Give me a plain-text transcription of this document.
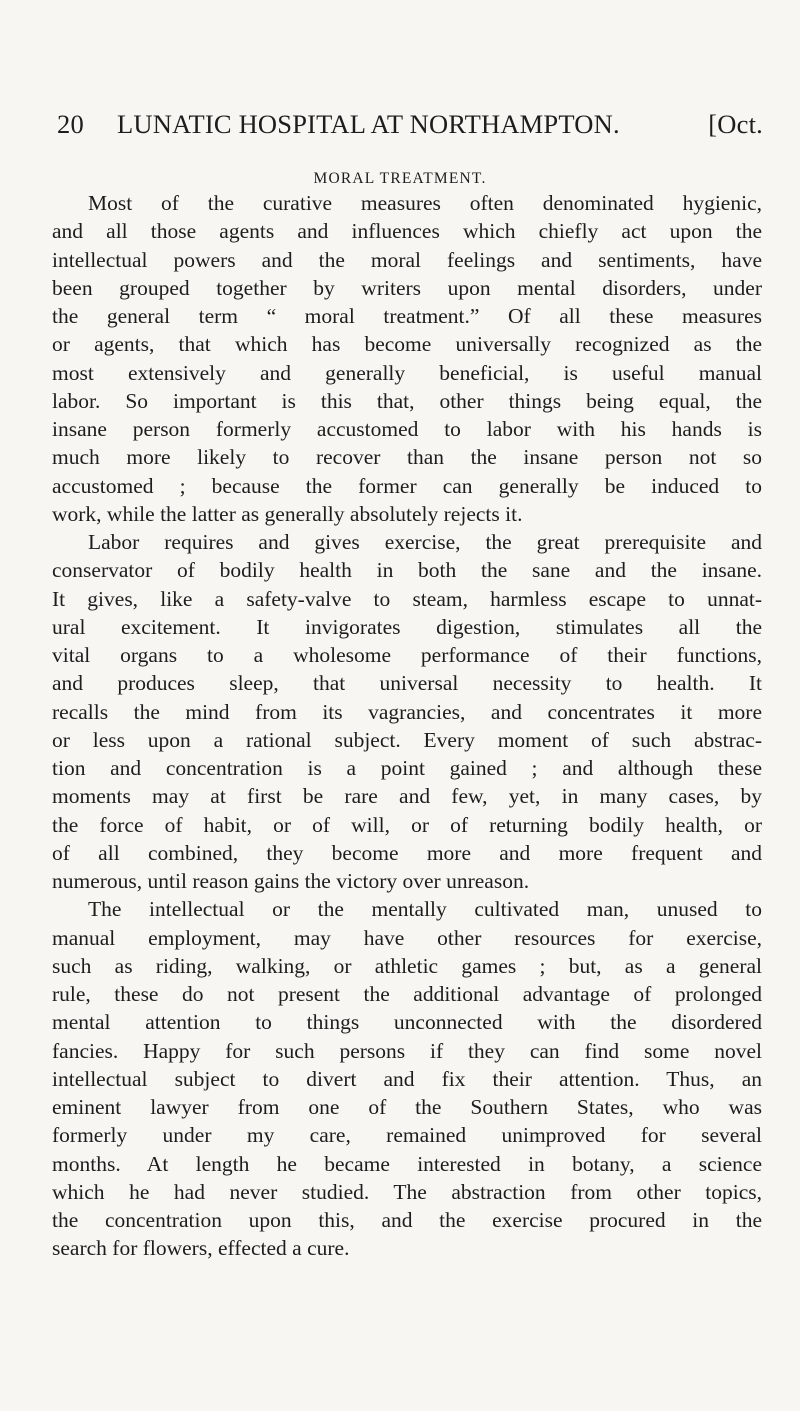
20 LUNATIC HOSPITAL AT NORTHAMPTON.	[Oct.
MORAL TREATMENT.
Most of the curative measures often denominated hygienic,
and all those agents and influences which chiefly act upon the
intellectual powers and the moral feelings and sentiments, have
been grouped together by writers upon mental disorders, under
the general term “ moral treatment.” Of all these measures
or agents, that which has become universally recognized as the
most extensively and generally beneficial, is useful manual
labor. So important is this that, other things being equal, the
insane person formerly accustomed to labor with his hands is
much more likely to recover than the insane person not so
accustomed ; because the former can generally be induced to
work, while the latter as generally absolutely rejects it.
Labor requires and gives exercise, the great prerequisite and
conservator of bodily health in both the sane and the insane.
It gives, like a safety-valve to steam, harmless escape to unnat-
ural excitement. It invigorates digestion, stimulates all the
vital organs to a wholesome performance of their functions,
and produces sleep, that universal necessity to health. It
recalls the mind from its vagrancies, and concentrates it more
or less upon a rational subject. Every moment of such abstrac-
tion and concentration is a point gained ; and although these
moments may at first be rare and few, yet, in many cases, by
the force of habit, or of will, or of returning bodily health, or
of all combined, they become more and more frequent and
numerous, until reason gains the victory over unreason.
The intellectual or the mentally cultivated man, unused to
manual employment, may have other resources for exercise,
such as riding, walking, or athletic games ; but, as a general
rule, these do not present the additional advantage of prolonged
mental attention to things unconnected with the disordered
fancies. Happy for such persons if they can find some novel
intellectual subject to divert and fix their attention. Thus, an
eminent lawyer from one of the Southern States, who was
formerly under my care, remained unimproved for several
months. At length he became interested in botany, a science
which he had never studied. The abstraction from other topics,
the concentration upon this, and the exercise procured in the
search for flowers, effected a cure.
